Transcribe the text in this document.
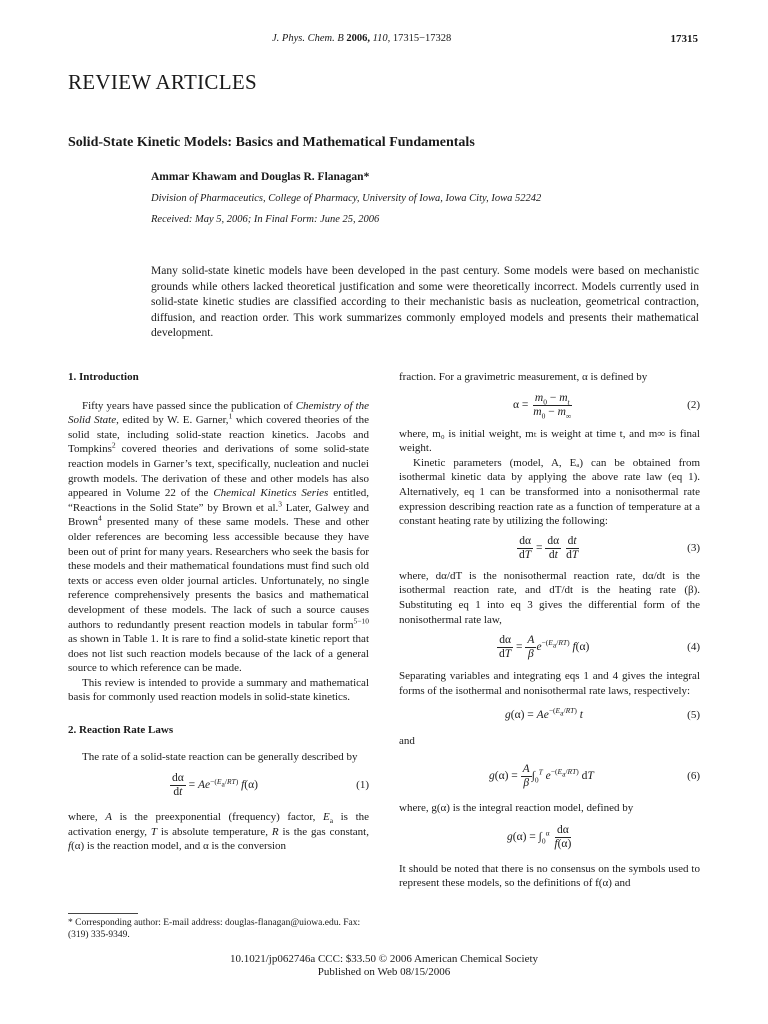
J. Phys. Chem. B 2006, 110, 17315−17328	17315
REVIEW ARTICLES
Solid-State Kinetic Models: Basics and Mathematical Fundamentals
Ammar Khawam and Douglas R. Flanagan*
Division of Pharmaceutics, College of Pharmacy, University of Iowa, Iowa City, Iowa 52242
Received: May 5, 2006; In Final Form: June 25, 2006
Many solid-state kinetic models have been developed in the past century. Some models were based on mechanistic grounds while others lacked theoretical justification and some were theoretically incorrect. Models currently used in solid-state kinetic studies are classified according to their mechanistic basis as nucleation, geometrical contraction, diffusion, and reaction order. This work summarizes commonly employed models and presents their mathematical development.
1. Introduction

Fifty years have passed since the publication of Chemistry of the Solid State, edited by W. E. Garner,$^1$ which covered theories of the solid state, including solid-state reaction kinetics. Jacobs and Tompkins$^2$ covered theories and derivations of some solid-state reaction models in Garner’s text, specifically, nucleation and nuclei growth models. The derivation of these and other models has also appeared in Volume 22 of the Chemical Kinetics Series entitled, “Reactions in the Solid State” by Brown et al.$^3$ Later, Galwey and Brown$^4$ presented many of these same models. These and other older references are becoming less accessible because they have been out of print for many years. Researchers who seek the basis for these models and their mathematical foundations must find such old texts or access even older journal articles. Unfortunately, no single reference comprehensively presents the basics and mathematical development of these models. The lack of such a source causes authors to redundantly present reaction models in tabular form$^{5-10}$ as shown in Table 1. It is rare to find a solid-state kinetic report that does not list such reaction models because of the lack of a general source to which reference can be made.

This review is intended to provide a summary and mathematical basis for commonly used reaction models in solid-state kinetics.

2. Reaction Rate Laws

The rate of a solid-state reaction can be generally described by

$\frac{d\alpha}{dt} = Ae^{-(E_a/RT)}$ f(α)	(1)

where, A is the preexponential (frequency) factor, $E_a$ is the activation energy, T is absolute temperature, R is the gas constant, f(α) is the reaction model, and α is the conversion

* Corresponding author: E-mail address: douglas-flanagan@uiowa.edu. Fax: (319) 335-9349.

fraction. For a gravimetric measurement, α is defined by

$\alpha = \frac{m_0 - m_t}{m_0 - m_\infty}$	(2)

where, m₀ is initial weight, mₜ is weight at time t, and m∞ is final weight.

Kinetic parameters (model, A, Eₐ) can be obtained from isothermal kinetic data by applying the above rate law (eq 1). Alternatively, eq 1 can be transformed into a nonisothermal rate expression describing reaction rate as a function of temperature at a constant heating rate by utilizing the following:

$\frac{d\alpha}{dT} = \frac{d\alpha}{dt}$
$\frac{dt}{dT}$	(3)

where, dα/dT is the nonisothermal reaction rate, dα/dt is the isothermal reaction rate, and dT/dt is the heating rate (β). Substituting eq 1 into eq 3 gives the differential form of the nonisothermal rate law,

$\frac{d\alpha}{dT} = \frac{A}{\beta} e^{-(E_a/RT)}$ f(α)	(4)

Separating variables and integrating eqs 1 and 4 gives the integral forms of the isothermal and nonisothermal rate laws, respectively:

$g(\alpha) = Ae^{-(E_a/RT)}$ t	(5)

and

$g(\alpha) = \frac{A}{\beta} \int_0^T$ $e^{-(E_a/RT)}$ dT	(6)

where, g(α) is the integral reaction model, defined by

$g(\alpha) = \int_0^\alpha \frac{d\alpha}{f(\alpha)}$

It should be noted that there is no consensus on the symbols used to represent these models, so the definitions of f(α) and

10.1021/jp062746a CCC: $33.50 © 2006 American Chemical Society
Published on Web 08/15/2006
